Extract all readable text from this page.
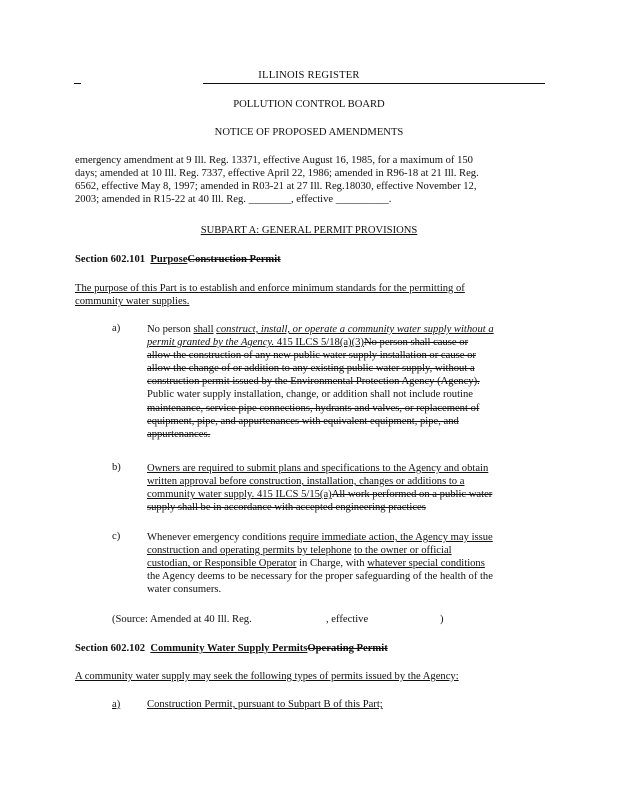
ILLINOIS REGISTER
POLLUTION CONTROL BOARD
NOTICE OF PROPOSED AMENDMENTS
emergency amendment at 9 Ill. Reg. 13371, effective August 16, 1985, for a maximum of 150
days; amended at 10 Ill. Reg. 7337, effective April 22, 1986; amended in R96-18 at 21 Ill. Reg.
6562, effective May 8, 1997; amended in R03-21 at 27 Ill. Reg.18030, effective November 12,
2003; amended in R15-22 at 40 Ill. Reg. ________, effective __________.
SUBPART A: GENERAL PERMIT PROVISIONS
Section 602.101 PurposeConstruction Permit
The purpose of this Part is to establish and enforce minimum standards for the permitting of
community water supplies.
a)	No person shall construct, install, or operate a community water supply without a
permit granted by the Agency. 415 ILCS 5/18(a)(3)No person shall cause or
allow the construction of any new public water supply installation or cause or
allow the change of or addition to any existing public water supply, without a
construction permit issued by the Environmental Protection Agency (Agency).
Public water supply installation, change, or addition shall not include routine
maintenance, service pipe connections, hydrants and valves, or replacement of
equipment, pipe, and appurtenances with equivalent equipment, pipe, and
appurtenances.
b) Owners are required to submit plans and specifications to the Agency and obtain
written approval before construction, installation, changes or additions to a
community water supply. 415 ILCS 5/15(a)All work performed on a public water
supply shall be in accordance with accepted engineering practices
c)	Whenever emergency conditions require immediate action, the Agency may issue
construction and operating permits by telephone to the owner or official
custodian, or Responsible Operator in Charge, with whatever special conditions
the Agency deems to be necessary for the proper safeguarding of the health of the
water consumers.
(Source: Amended at 40 Ill. Reg.	, effective	)
Section 602.102 Community Water Supply PermitsOperating Permit
A community water supply may seek the following types of permits issued by the Agency:
a)	Construction Permit, pursuant to Subpart B of this Part;
